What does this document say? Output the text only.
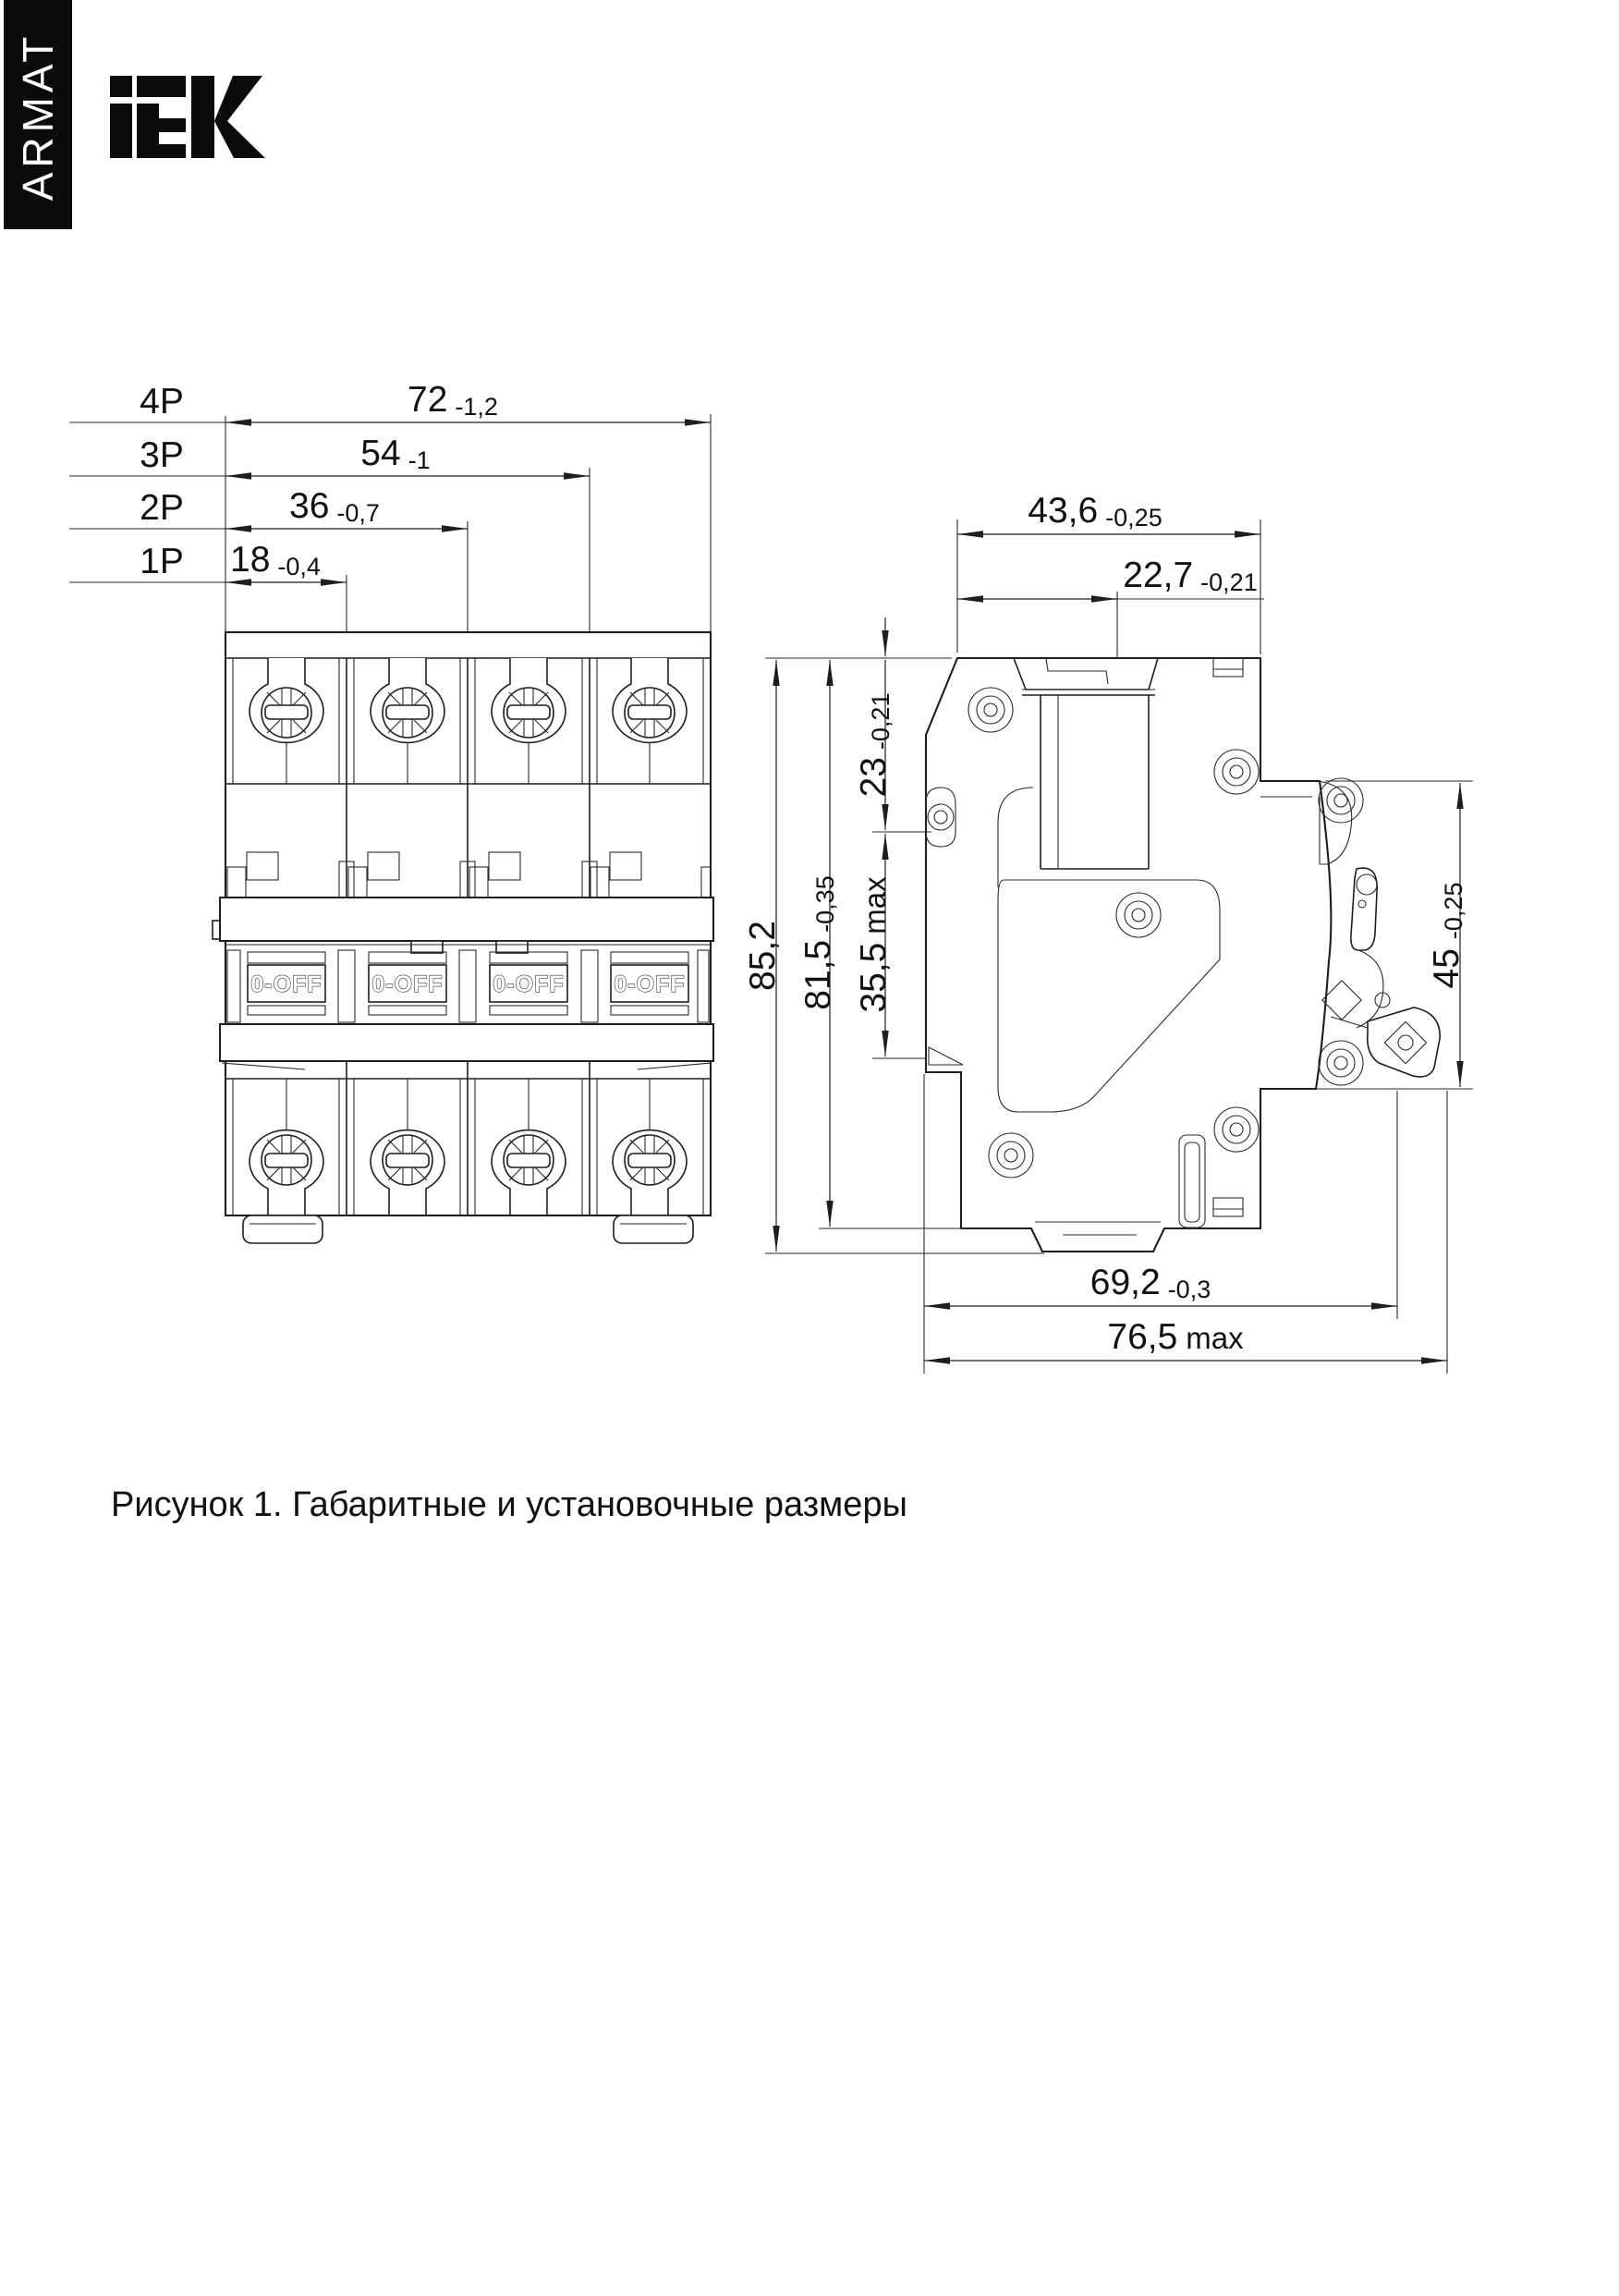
ARMAT
4P
3P
2P
1P
72 -1,2
54 -1
36 -0,7
18 -0,4
0-OFF 0-OFF 0-OFF 0-OFF
43,6 -0,25
22,7 -0,21
85,2 81,5-0,35
23-0,21
35,5max
45-0,25
69,2 -0,3
76,5 max
Рисунок 1. Габаритные и установочные размеры
